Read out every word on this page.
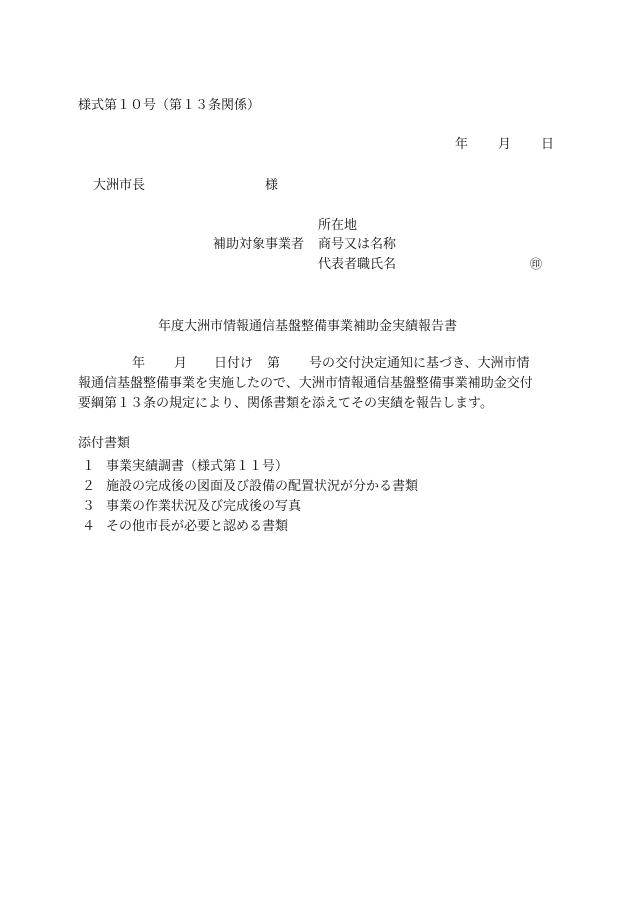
様式第１０号（第１３条関係）
年 月 日
大洲市長	様
所在地
補助対象事業者 商号又は名称
代表者職氏名	㊞
年度大洲市情報通信基盤整備事業補助金実績報告書
年 月 日付け 第 号の交付決定通知に基づき、大洲市情
報通信基盤整備事業を実施したので、大洲市情報通信基盤整備事業補助金交付
要綱第１３条の規定により、関係書類を添えてその実績を報告します。
添付書類
１ 事業実績調書（様式第１１号）
２ 施設の完成後の図面及び設備の配置状況が分かる書類
３ 事業の作業状況及び完成後の写真
４ その他市長が必要と認める書類
